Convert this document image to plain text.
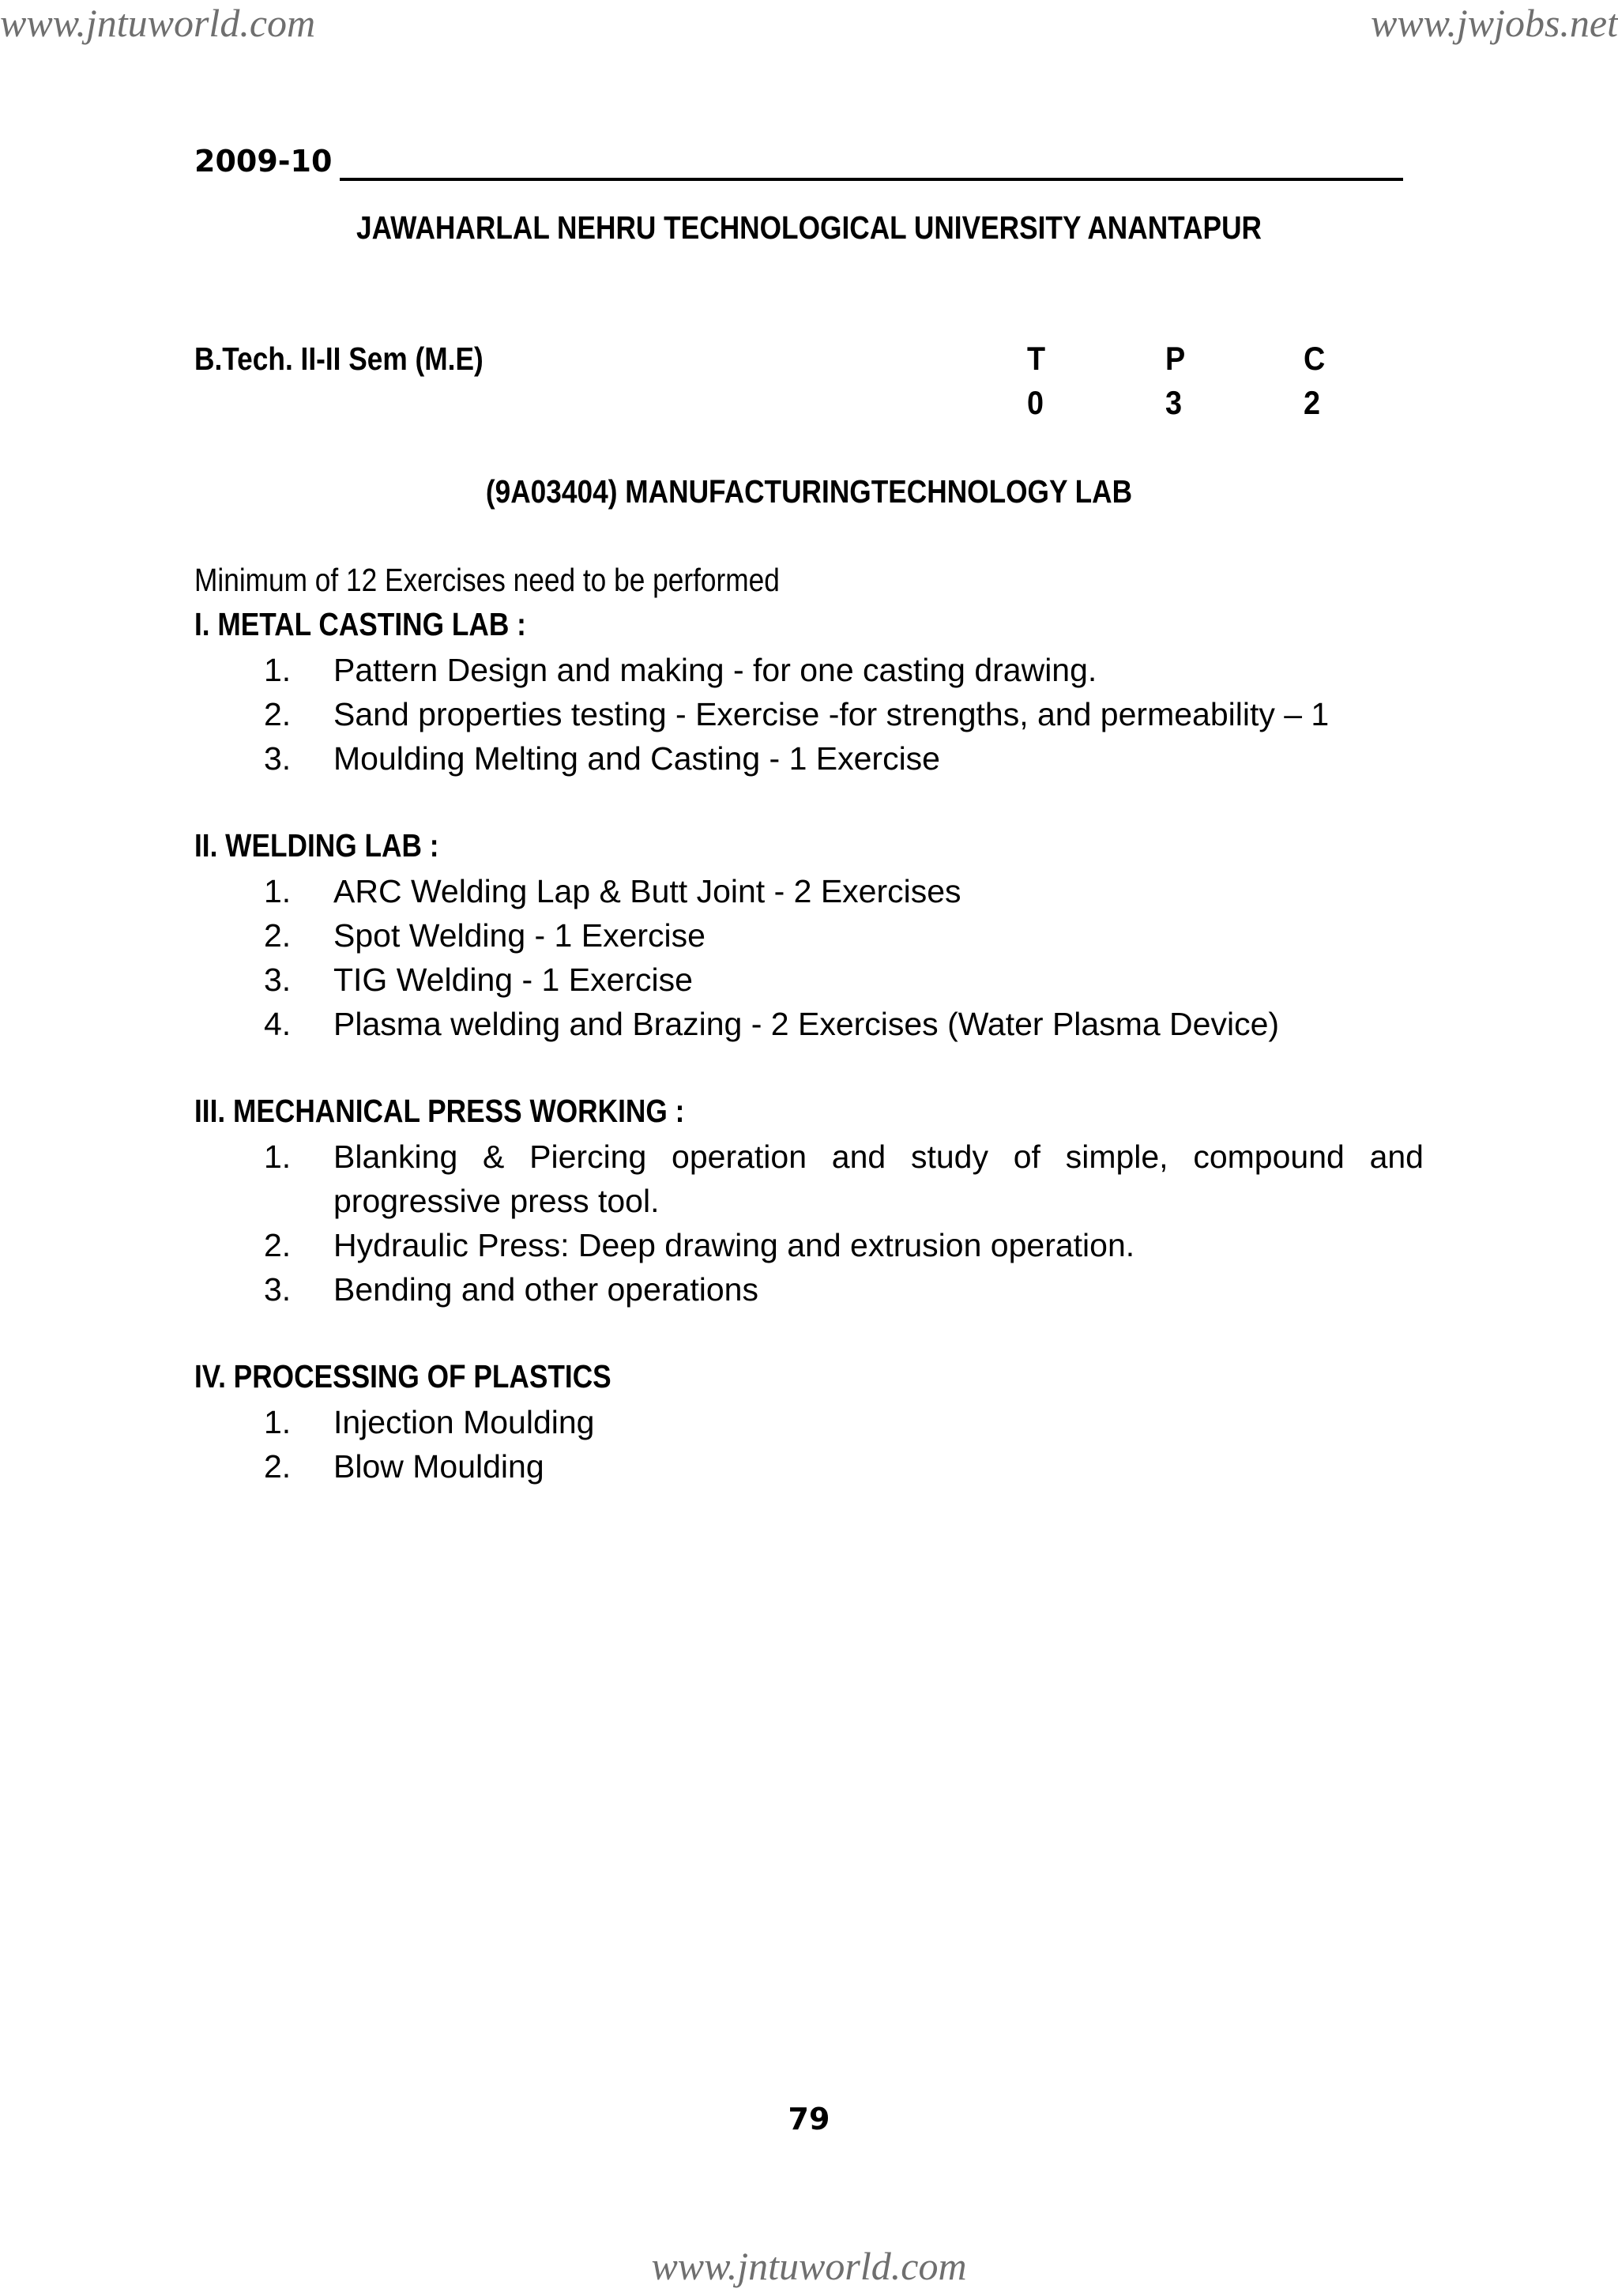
www.jntuworld.com	www.jwjobs.net
2009-10
JAWAHARLAL NEHRU TECHNOLOGICAL UNIVERSITY ANANTAPUR
B.Tech. II-II Sem (M.E)	T	P	C
0	3	2
(9A03404) MANUFACTURINGTECHNOLOGY LAB
Minimum of 12 Exercises need to be performed
I. METAL CASTING LAB :
1. Pattern Design and making - for one casting drawing.
2. Sand properties testing - Exercise -for strengths, and permeability – 1
3. Moulding Melting and Casting - 1 Exercise
II. WELDING LAB :
1. ARC Welding Lap & Butt Joint - 2 Exercises
2. Spot Welding - 1 Exercise
3. TIG Welding - 1 Exercise
4. Plasma welding and Brazing - 2 Exercises (Water Plasma Device)
III. MECHANICAL PRESS WORKING :
1. Blanking & Piercing operation and study of simple, compound and progressive press tool.
2. Hydraulic Press: Deep drawing and extrusion operation.
3. Bending and other operations
IV. PROCESSING OF PLASTICS
1. Injection Moulding
2. Blow Moulding
79
www.jntuworld.com
